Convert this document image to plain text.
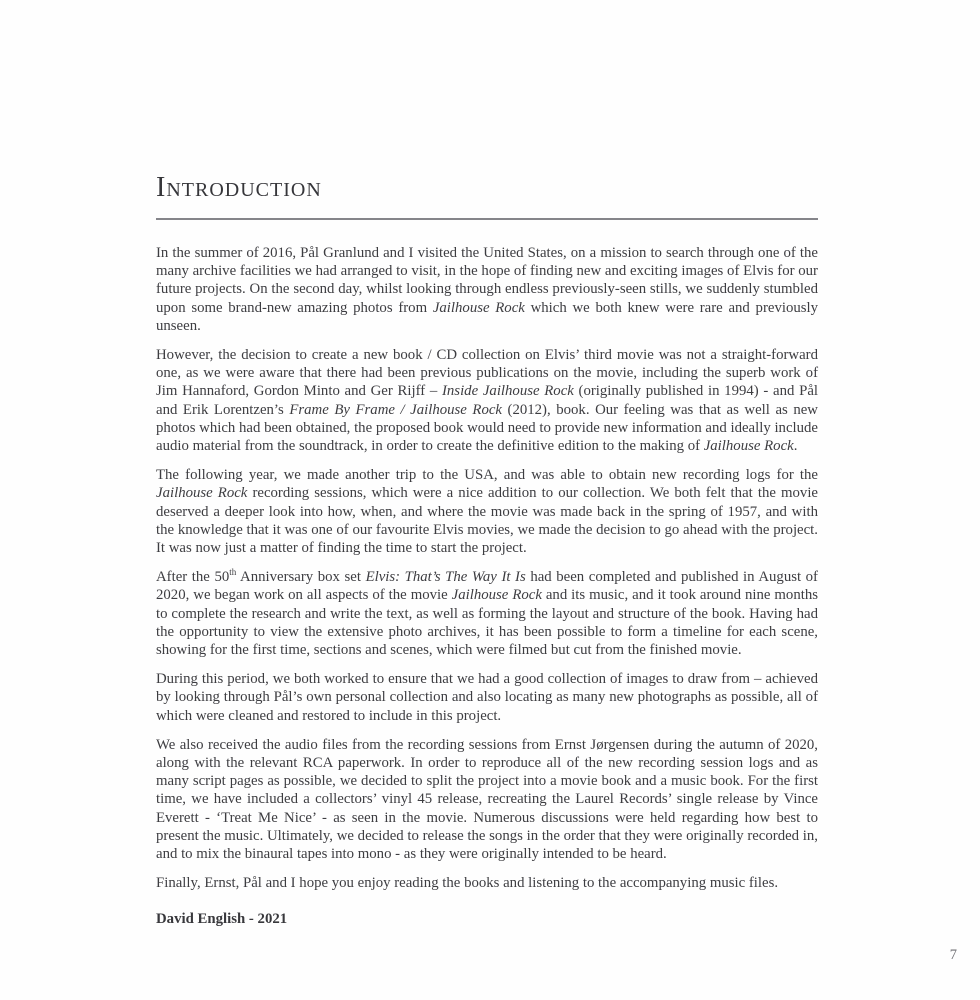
Introduction

In the summer of 2016, Pål Granlund and I visited the United States, on a mission to search through one of the many archive facilities we had arranged to visit, in the hope of finding new and exciting images of Elvis for our future projects. On the second day, whilst looking through endless previously-seen stills, we suddenly stumbled upon some brand-new amazing photos from Jailhouse Rock which we both knew were rare and previously unseen.

However, the decision to create a new book / CD collection on Elvis’ third movie was not a straight-forward one, as we were aware that there had been previous publications on the movie, including the superb work of Jim Hannaford, Gordon Minto and Ger Rijff – Inside Jailhouse Rock (originally published in 1994) - and Pål and Erik Lorentzen’s Frame By Frame / Jailhouse Rock (2012), book. Our feeling was that as well as new photos which had been obtained, the proposed book would need to provide new information and ideally include audio material from the soundtrack, in order to create the definitive edition to the making of Jailhouse Rock.

The following year, we made another trip to the USA, and was able to obtain new recording logs for the Jailhouse Rock recording sessions, which were a nice addition to our collection. We both felt that the movie deserved a deeper look into how, when, and where the movie was made back in the spring of 1957, and with the knowledge that it was one of our favourite Elvis movies, we made the decision to go ahead with the project. It was now just a matter of finding the time to start the project.

After the 50th Anniversary box set Elvis: That’s The Way It Is had been completed and published in August of 2020, we began work on all aspects of the movie Jailhouse Rock and its music, and it took around nine months to complete the research and write the text, as well as forming the layout and structure of the book. Having had the opportunity to view the extensive photo archives, it has been possible to form a timeline for each scene, showing for the first time, sections and scenes, which were filmed but cut from the finished movie.

During this period, we both worked to ensure that we had a good collection of images to draw from – achieved by looking through Pål’s own personal collection and also locating as many new photographs as possible, all of which were cleaned and restored to include in this project.

We also received the audio files from the recording sessions from Ernst Jørgensen during the autumn of 2020, along with the relevant RCA paperwork. In order to reproduce all of the new recording session logs and as many script pages as possible, we decided to split the project into a movie book and a music book. For the first time, we have included a collectors’ vinyl 45 release, recreating the Laurel Records’ single release by Vince Everett - ‘Treat Me Nice’ - as seen in the movie. Numerous discussions were held regarding how best to present the music. Ultimately, we decided to release the songs in the order that they were originally recorded in, and to mix the binaural tapes into mono - as they were originally intended to be heard.

Finally, Ernst, Pål and I hope you enjoy reading the books and listening to the accompanying music files.

David English - 2021

7
